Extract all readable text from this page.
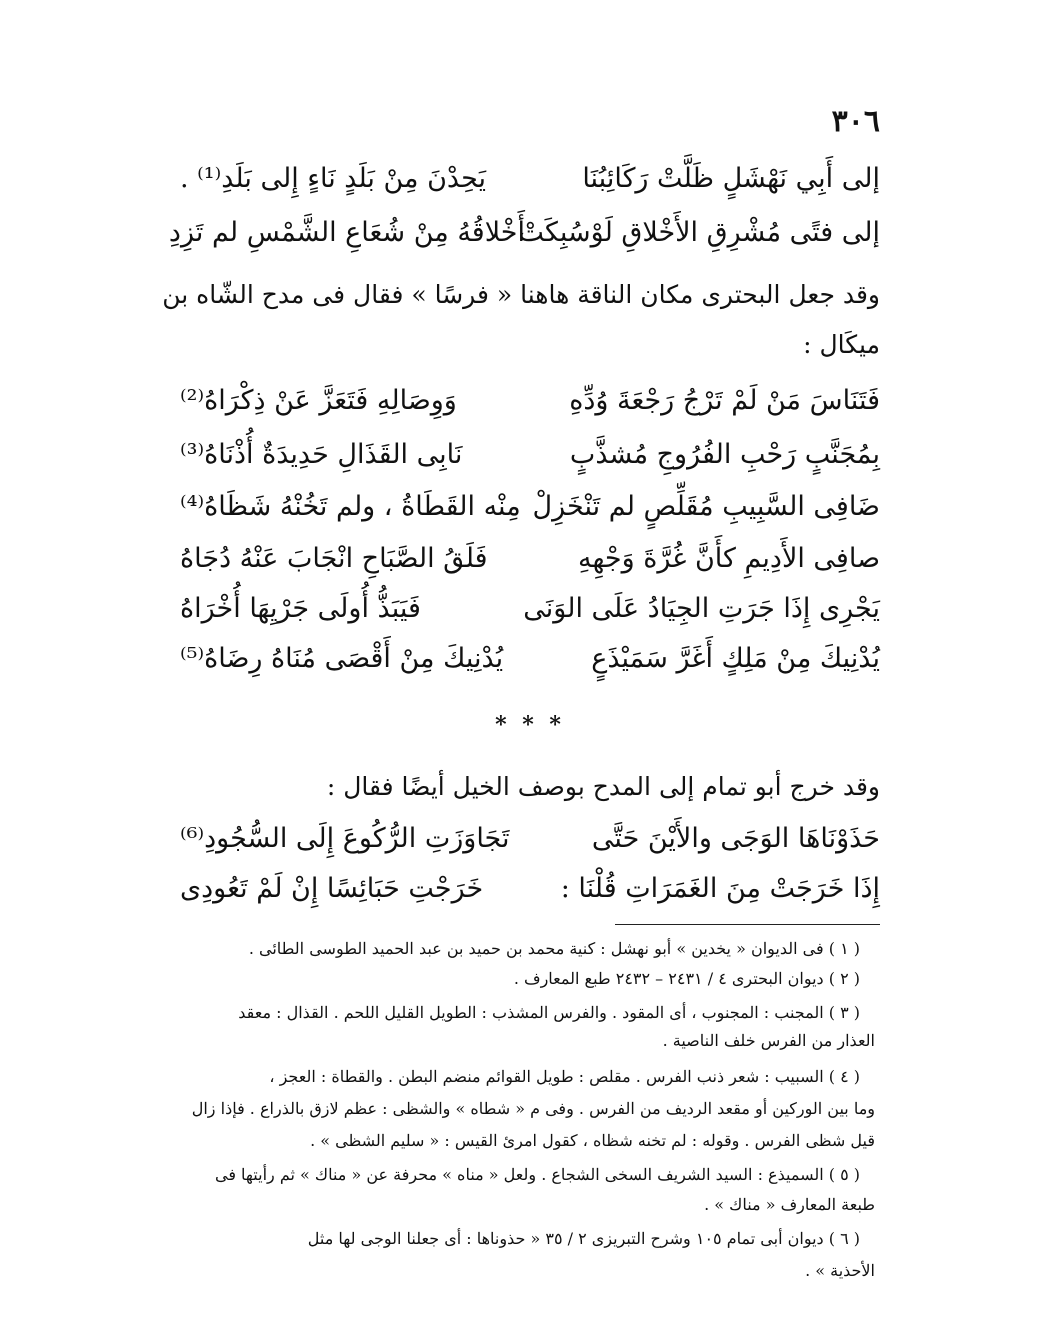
٣٠٦
إلى أَبِي نَهْشَلٍ ظَلَّتْ رَكَائِبُنَا
يَحِدْنَ مِنْ بَلَدٍ نَاءٍ إِلى بَلَدِ⁽¹⁾ .
إلى فتًى مُشْرِقِ الأَخْلاقِ لَوْسُبِكَتْ
أَخْلاقُهُ مِنْ شُعَاعِ الشَّمْسِ لم تَزِدِ
وقد جعل البحترى مكان الناقة هاهنا « فرسًا » فقال فى مدح الشّاه بن
ميكَال :
فَتَنَاسَ مَنْ لَمْ تَرْجُ رَجْعَةَ وُدِّهِ
وَوِصَالِهِ فَتَعَزَّ عَنْ ذِكْرَاهُ⁽²⁾
بِمُجَنَّبٍ رَحْبِ الفُرُوجِ مُشذَّبٍ
نَابِى القَذَالِ حَدِيدَةٌ أُذْنَاهُ⁽³⁾
ضَافِى السَّبِيبِ مُقَلِّصٍ لم تَنْخَزِلْ
مِنْه القَطَاةُ ، ولم تَخُنْهُ شَظَاهُ⁽⁴⁾
صافِى الأَدِيمِ كأَنَّ غُرَّةَ وَجْهِهِ
فَلَقُ الصَّبَاحِ انْجَابَ عَنْهُ دُجَاهُ
يَجْرِى إِذَا جَرَتِ الجِيَادُ عَلَى الوَنَى
فَيَبَذُّ أُولَى جَرْيِهَا أُخْرَاهُ
يُدْنِيكَ مِنْ مَلِكٍ أَغَرَّ سَمَيْذَعٍ
يُدْنِيكَ مِنْ أَقْصَى مُنَاهُ رِضَاهُ⁽⁵⁾
* * *
وقد خرج أبو تمام إلى المدح بوصف الخيل أيضًا فقال :
حَذَوْنَاهَا الوَجَى والأَيْنَ حَتَّى
تَجَاوَزَتِ الرُّكُوعَ إِلَى السُّجُودِ⁽⁶⁾
إِذَا خَرَجَتْ مِنَ الغَمَرَاتِ قُلْنَا :
خَرَجْتِ حَبَائِسًا إِنْ لَمْ تَعُودِى
( ١ ) فى الديوان « يخدين » أبو نهشل : كنية محمد بن حميد بن عبد الحميد الطوسى الطائى .
( ٢ ) ديوان البحترى ٤ / ٢٤٣١ – ٢٤٣٢ طبع المعارف .
( ٣ ) المجنب : المجنوب ، أى المقود . والفرس المشذب : الطويل القليل اللحم . القذال : معقد
العذار من الفرس خلف الناصية .
( ٤ ) السبيب : شعر ذنب الفرس . مقلص : طويل القوائم منضم البطن . والقطاة : العجز ،
وما بين الوركين أو مقعد الرديف من الفرس . وفى م « شطاه » والشظى : عظم لازق بالذراع . فإذا زال
قيل شظى الفرس . وقوله : لم تخنه شظاه ، كقول امرئ القيس : « سليم الشظى » .
( ٥ ) السميذع : السيد الشريف السخى الشجاع . ولعل « مناه » محرفة عن « مناك » ثم رأيتها فى
طبعة المعارف « مناك » .
( ٦ ) ديوان أبى تمام ١٠٥ وشرح التبريزى ٢ / ٣٥ « حذوناها : أى جعلنا الوجى لها مثل
الأحذية » .
